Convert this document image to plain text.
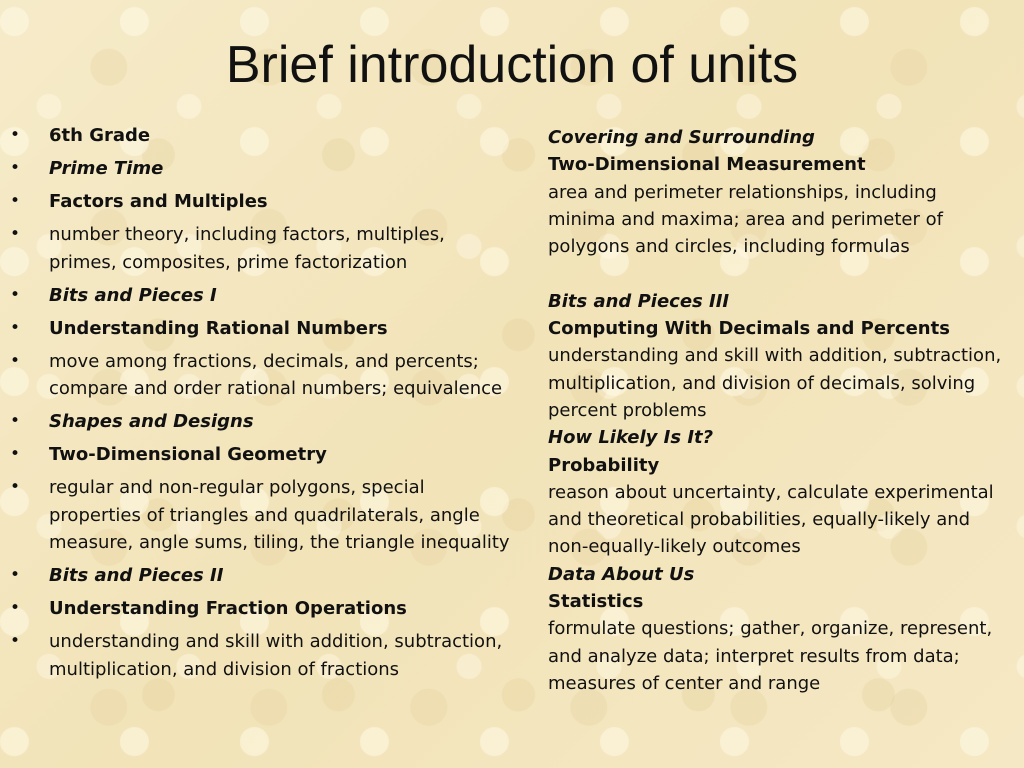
Brief introduction of units
•	6th Grade
•	Prime Time
•	Factors and Multiples
•	number theory, including factors, multiples, primes, composites, prime factorization
•	Bits and Pieces I
•	Understanding Rational Numbers
•	move among fractions, decimals, and percents; compare and order rational numbers; equivalence
•	Shapes and Designs
•	Two-Dimensional Geometry
•	regular and non-regular polygons, special properties of triangles and quadrilaterals, angle measure, angle sums, tiling, the triangle inequality
•	Bits and Pieces II
•	Understanding Fraction Operations
•	understanding and skill with addition, subtraction, multiplication, and division of fractions
Covering and Surrounding
Two-Dimensional Measurement
area and perimeter relationships, including minima and maxima; area and perimeter of polygons and circles, including formulas
Bits and Pieces III
Computing With Decimals and Percents
understanding and skill with addition, subtraction, multiplication, and division of decimals, solving percent problems
How Likely Is It?
Probability
reason about uncertainty, calculate experimental and theoretical probabilities, equally-likely and non-equally-likely outcomes
Data About Us
Statistics
formulate questions; gather, organize, represent, and analyze data; interpret results from data; measures of center and range
